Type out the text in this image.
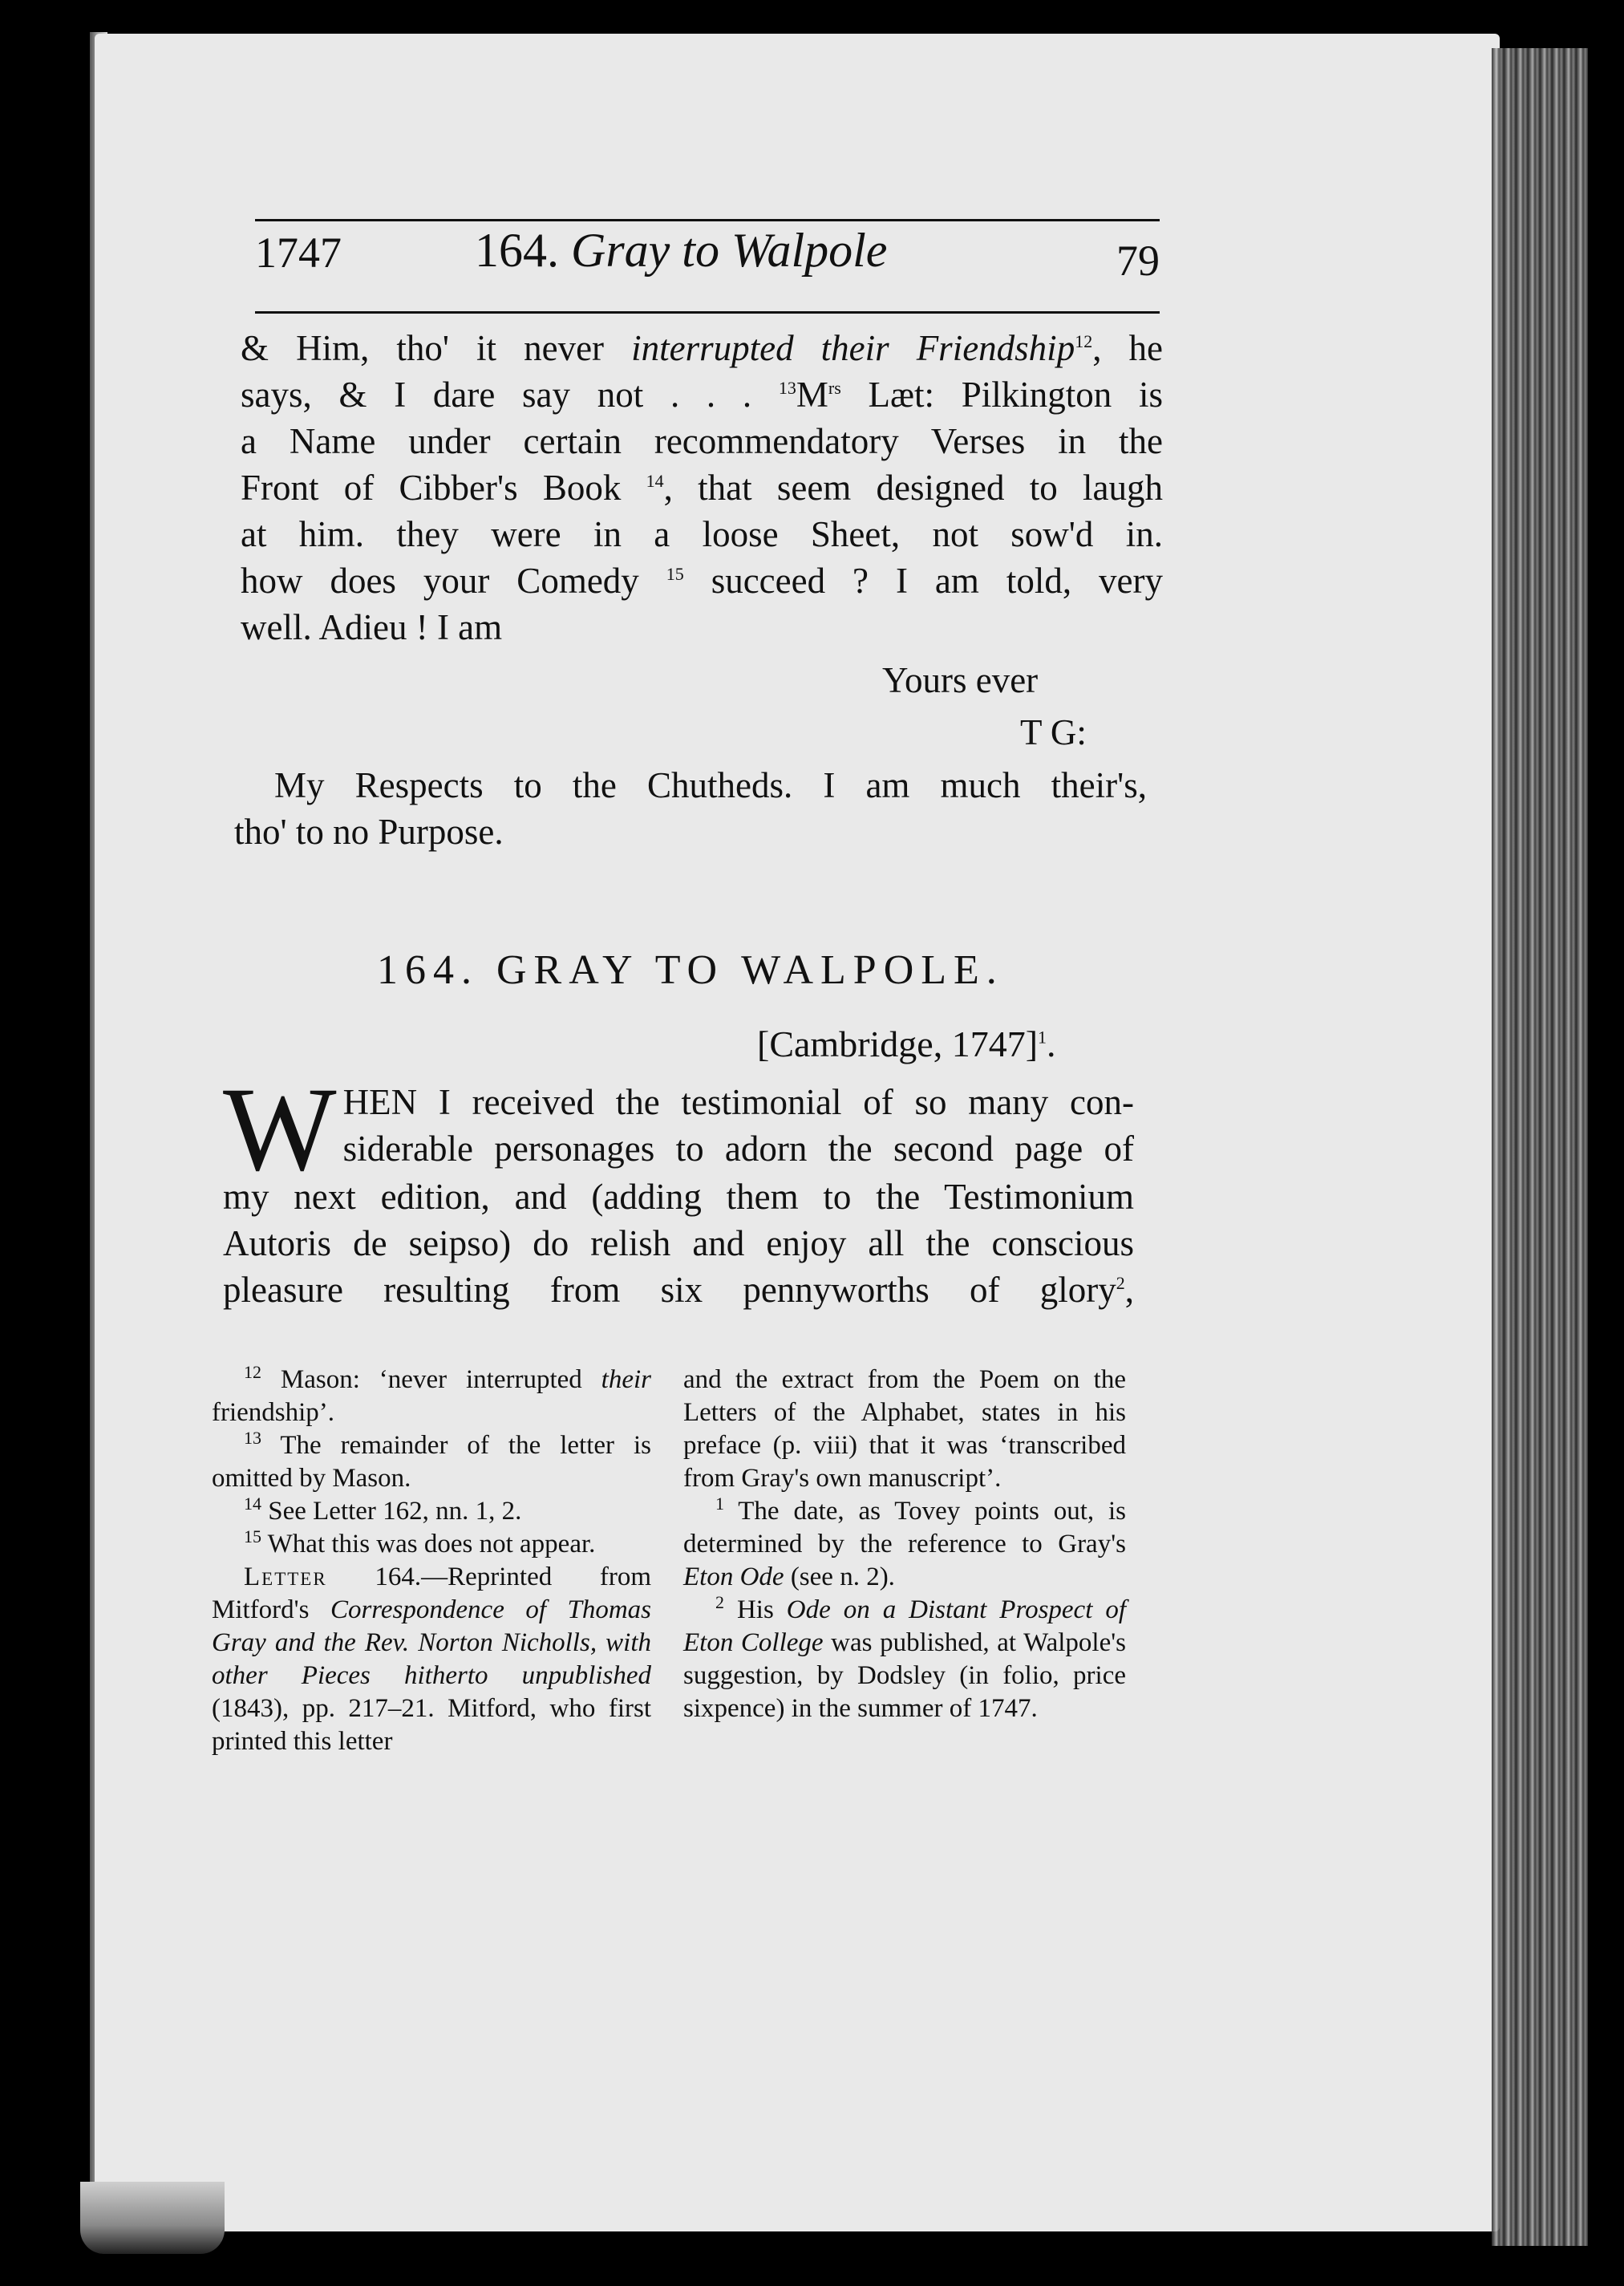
1747	164. Gray to Walpole	79
& Him, tho' it never interrupted their Friendship$^{12}$, he
says, & I dare say not . . . $^{13}M^{rs}$ Læt: Pilkington is
a Name under certain recommendatory Verses in the
Front of Cibber's Book $^{14}$, that seem designed to laugh
at him. they were in a loose Sheet, not sow'd in.
how does your Comedy $^{15}$ succeed ? I am told, very
well. Adieu ! I am
Yours ever
T G:
My Respects to the Chutheds. I am much their's,
tho' to no Purpose.
164. GRAY TO WALPOLE.
[Cambridge, 1747]$^1$.
W HEN I received the testimonial of so many con-
siderable personages to adorn the second page of
my next edition, and (adding them to the Testimonium
Autoris de seipso) do relish and enjoy all the conscious
pleasure resulting from six pennyworths of glory$^2$,
$^{12}$ Mason: ‘never interrupted their friendship’.
$^{13}$ The remainder of the letter is omitted by Mason.
$^{14}$ See Letter 162, nn. 1, 2.
$^{15}$ What this was does not appear.
Letter 164.—Reprinted from Mitford's Correspondence of Thomas Gray and the Rev. Norton Nicholls, with other Pieces hitherto unpublished (1843), pp. 217–21. Mitford, who first printed this letter
and the extract from the Poem on the Letters of the Alphabet, states in his preface (p. viii) that it was ‘transcribed from Gray's own manuscript’.
$^1$ The date, as Tovey points out, is determined by the reference to Gray's Eton Ode (see n. 2).
$^2$ His Ode on a Distant Prospect of Eton College was published, at Walpole's suggestion, by Dodsley (in folio, price sixpence) in the summer of 1747.
